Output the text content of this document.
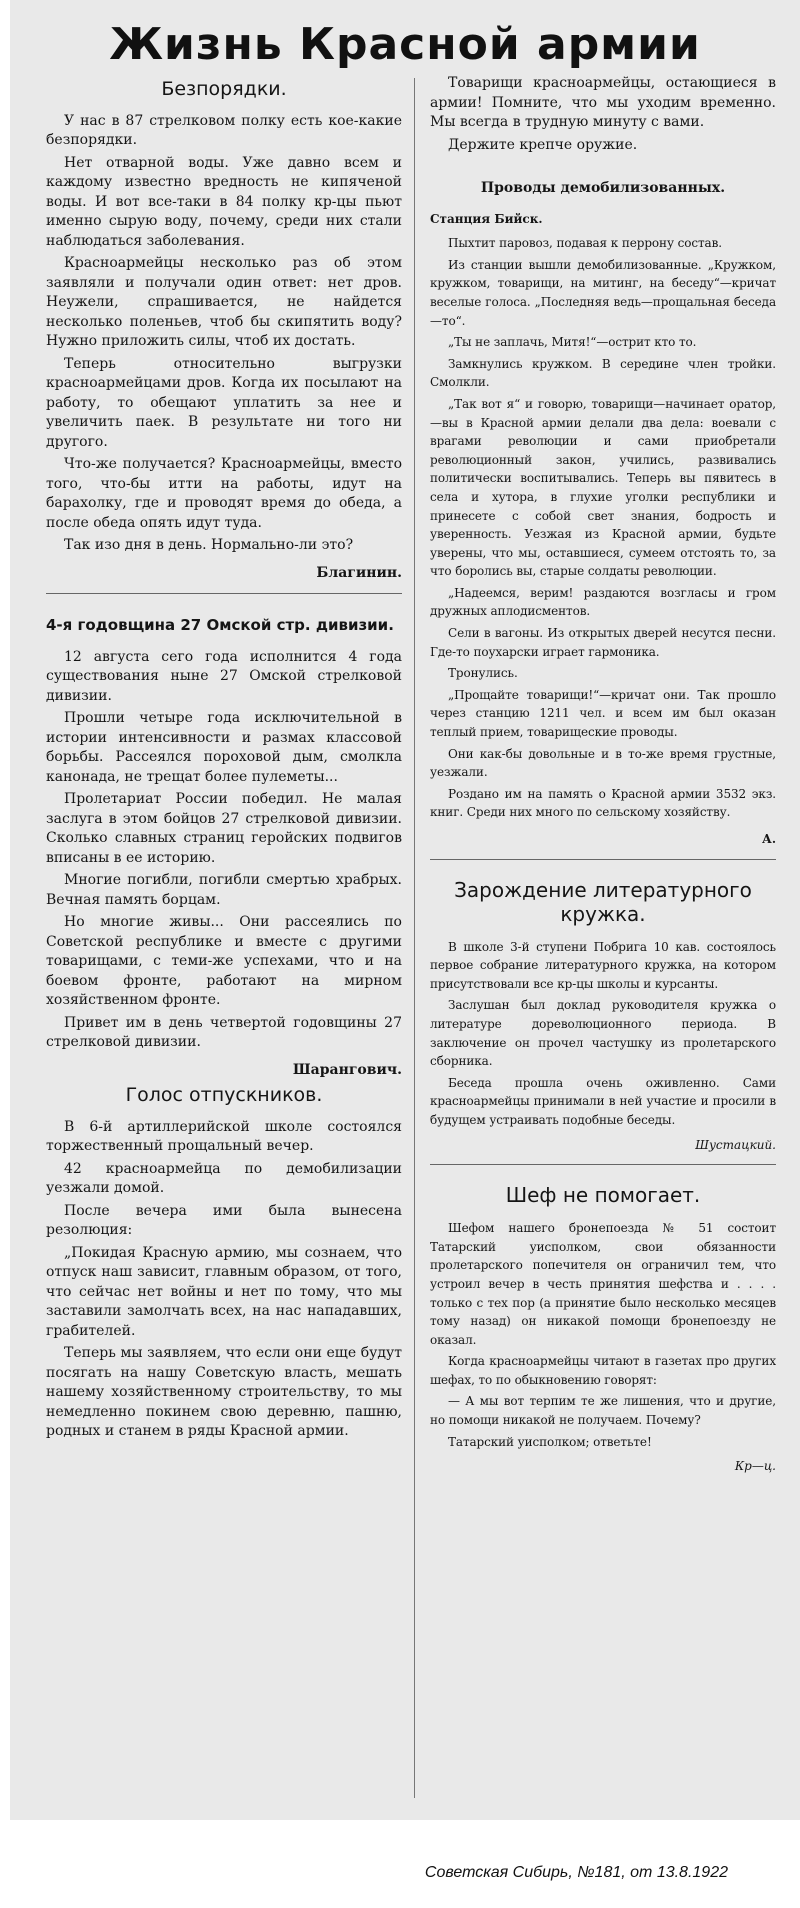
Жизнь Красной армии
Безпорядки.

У нас в 87 стрелковом полку есть кое-какие безпорядки.

Нет отварной воды. Уже давно всем и каждому известно вредность не кипяченой воды. И вот все-таки в 84 полку кр-цы пьют именно сырую воду, почему, среди них стали наблюдаться заболевания.

Красноармейцы несколько раз об этом заявляли и получали один ответ: нет дров. Неужели, спрашивается, не найдется несколько поленьев, чтоб бы скипятить воду? Нужно приложить силы, чтоб их достать.

Теперь относительно выгрузки красноармейцами дров. Когда их посылают на работу, то обещают уплатить за нее и увеличить паек. В результате ни того ни другого.

Что-же получается? Красноармейцы, вместо того, что-бы итти на работы, идут на барахолку, где и проводят время до обеда, а после обеда опять идут туда.

Так изо дня в день. Нормально-ли это?

Благинин.
4-я годовщина 27 Омской стр. дивизии.

12 августа сего года исполнится 4 года существования ныне 27 Омской стрелковой дивизии.

Прошли четыре года исключительной в истории интенсивности и размах классовой борьбы. Рассеялся пороховой дым, смолкла канонада, не трещат более пулеметы...

Пролетариат России победил. Не малая заслуга в этом бойцов 27 стрелковой дивизии. Сколько славных страниц геройских подвигов вписаны в ее историю.

Многие погибли, погибли смертью храбрых. Вечная память борцам.

Но многие живы... Они рассеялись по Советской республике и вместе с другими товарищами, с теми-же успехами, что и на боевом фронте, работают на мирном хозяйственном фронте.

Привет им в день четвертой годовщины 27 стрелковой дивизии.

Шарангович.
Голос отпускников.

В 6-й артиллерийской школе состоялся торжественный прощальный вечер.

42 красноармейца по демобилизации уезжали домой.

После вечера ими была вынесена резолюция:

„Покидая Красную армию, мы сознаем, что отпуск наш зависит, главным образом, от того, что сейчас нет войны и нет по тому, что мы заставили замолчать всех, на нас нападавших, грабителей.

Теперь мы заявляем, что если они еще будут посягать на нашу Советскую власть, мешать нашему хозяйственному строительству, то мы немедленно покинем свою деревню, пашню, родных и станем в ряды Красной армии.

Товарищи красноармейцы, остающиеся в армии! Помните, что мы уходим временно. Мы всегда в трудную минуту с вами.

Держите крепче оружие.

Проводы демобилизованных.
Станция Бийск.

Пыхтит паровоз, подавая к перрону состав.

Из станции вышли демобилизованные. „Кружком, кружком, товарищи, на митинг, на беседу“—кричат веселые голоса. „Последняя ведь—прощальная беседа—то“.

„Ты не заплачь, Митя!“—острит кто то.

Замкнулись кружком. В середине член тройки. Смолкли.

„Так вот я“ и говорю, товарищи—начинает оратор,—вы в Красной армии делали два дела: воевали с врагами революции и сами приобретали революционный закон, учились, развивались политически воспитывались. Теперь вы пявитесь в села и хутора, в глухие уголки республики и принесете с собой свет знания, бодрость и уверенность. Уезжая из Красной армии, будьте уверены, что мы, оставшиеся, сумеем отстоять то, за что боролись вы, старые солдаты революции.

„Надеемся, верим! раздаются возгласы и гром дружных аплодисментов.

Сели в вагоны. Из открытых дверей несутся песни. Где-то поухарски играет гармоника.

Тронулись.

„Прощайте товарищи!“—кричат они. Так прошло через станцию 1211 чел. и всем им был оказан теплый прием, товарищеские проводы.

Они как-бы довольные и в то-же время грустные, уезжали.

Роздано им на память о Красной армии 3532 экз. книг. Среди них много по сельскому хозяйству.

А.
Зарождение литературного кружка.

В школе 3-й ступени Побрига 10 кав. состоялось первое собрание литературного кружка, на котором присутствовали все кр-цы школы и курсанты.

Заслушан был доклад руководителя кружка о литературе дореволюционного периода. В заключение он прочел частушку из пролетарского сборника.

Беседа прошла очень оживленно. Сами красноармейцы принимали в ней участие и просили в будущем устраивать подобные беседы.

Шустацкий.
Шеф не помогает.

Шефом нашего бронепоезда № 51 состоит Татарский уисполком, свои обязанности пролетарского попечителя он ограничил тем, что устроил вечер в честь принятия шефства и . . . . только с тех пор (а принятие было несколько месяцев тому назад) он никакой помощи бронепоезду не оказал.

Когда красноармейцы читают в газетах про других шефах, то по обыкновению говорят:

— А мы вот терпим те же лишения, что и другие, но помощи никакой не получаем. Почему?

Татарский уисполком; ответьте!

Кр—ц.
Советская Сибирь, №181, от 13.8.1922
